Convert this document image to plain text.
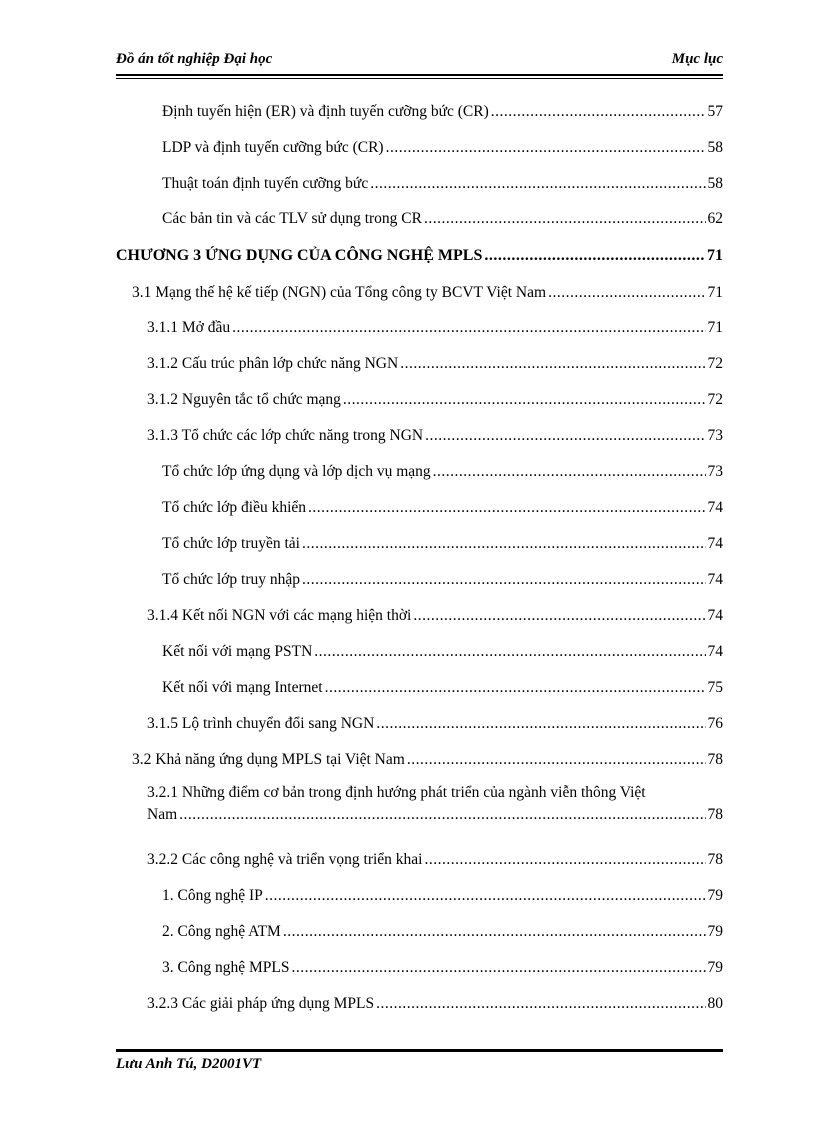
Đồ án tốt nghiệp Đại học	Mục lục
Định tuyến hiện (ER) và định tuyến cưỡng bức (CR) .....	57
LDP và định tuyến cưỡng bức (CR) .....	58
Thuật toán định tuyến cưỡng bức .....	58
Các bản tin và các TLV sử dụng trong CR .....	62
CHƯƠNG 3 ỨNG DỤNG CỦA CÔNG NGHỆ MPLS .....	71
3.1 Mạng thế hệ kế tiếp (NGN) của Tổng công ty BCVT Việt Nam .....	71
3.1.1 Mở đầu .....	71
3.1.2 Cấu trúc phân lớp chức năng NGN .....	72
3.1.2 Nguyên tắc tổ chức mạng .....	72
3.1.3 Tổ chức các lớp chức năng trong NGN .....	73
Tổ chức lớp ứng dụng và lớp dịch vụ mạng .....	73
Tổ chức lớp điều khiển .....	74
Tổ chức lớp truyền tải .....	74
Tổ chức lớp truy nhập .....	74
3.1.4 Kết nối NGN với các mạng hiện thời .....	74
Kết nối với mạng PSTN .....	74
Kết nối với mạng Internet .....	75
3.1.5 Lộ trình chuyển đổi sang NGN .....	76
3.2 Khả năng ứng dụng MPLS tại Việt Nam .....	78
3.2.1 Những điểm cơ bản trong định hướng phát triển của ngành viễn thông Việt
Nam .....	78
3.2.2 Các công nghệ và triển vọng triển khai .....	78
1. Công nghệ IP .....	79
2. Công nghệ ATM .....	79
3. Công nghệ MPLS .....	79
3.2.3 Các giải pháp ứng dụng MPLS .....	80
Lưu Anh Tú, D2001VT
